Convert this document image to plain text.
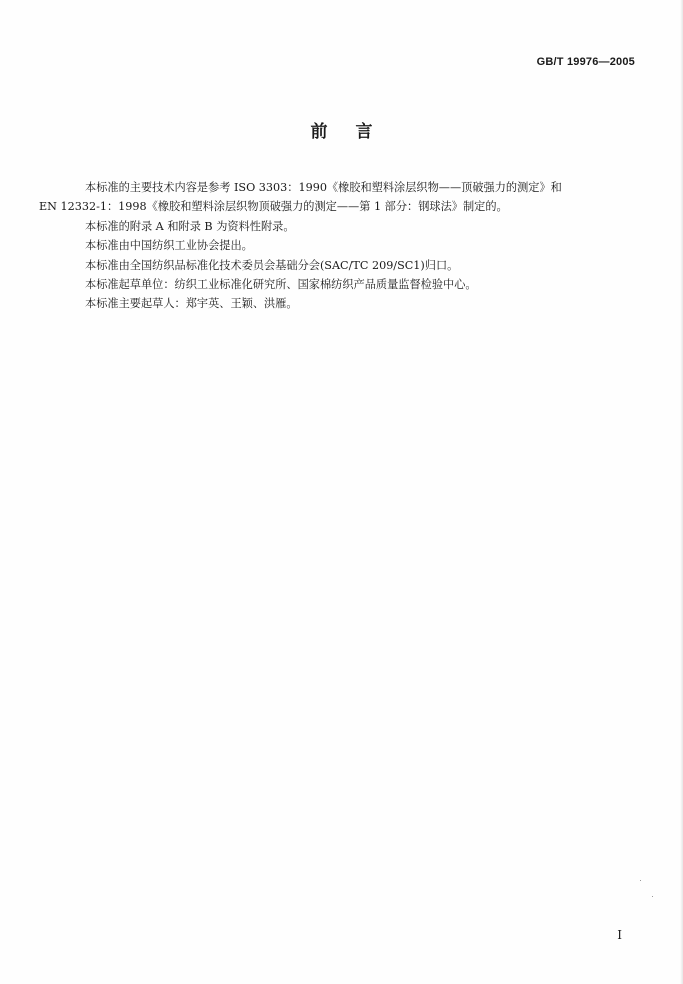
GB/T 19976—2005
前言

本标准的主要技术内容是参考 ISO 3303：1990《橡胶和塑料涂层织物——顶破强力的测定》和
EN 12332-1：1998《橡胶和塑料涂层织物顶破强力的测定——第 1 部分：钢球法》制定的。

本标准的附录 A 和附录 B 为资料性附录。

本标准由中国纺织工业协会提出。

本标准由全国纺织品标准化技术委员会基础分会(SAC/TC 209/SC1)归口。

本标准起草单位：纺织工业标准化研究所、国家棉纺织产品质量监督检验中心。

本标准主要起草人：郑宇英、王颖、洪雁。

I
